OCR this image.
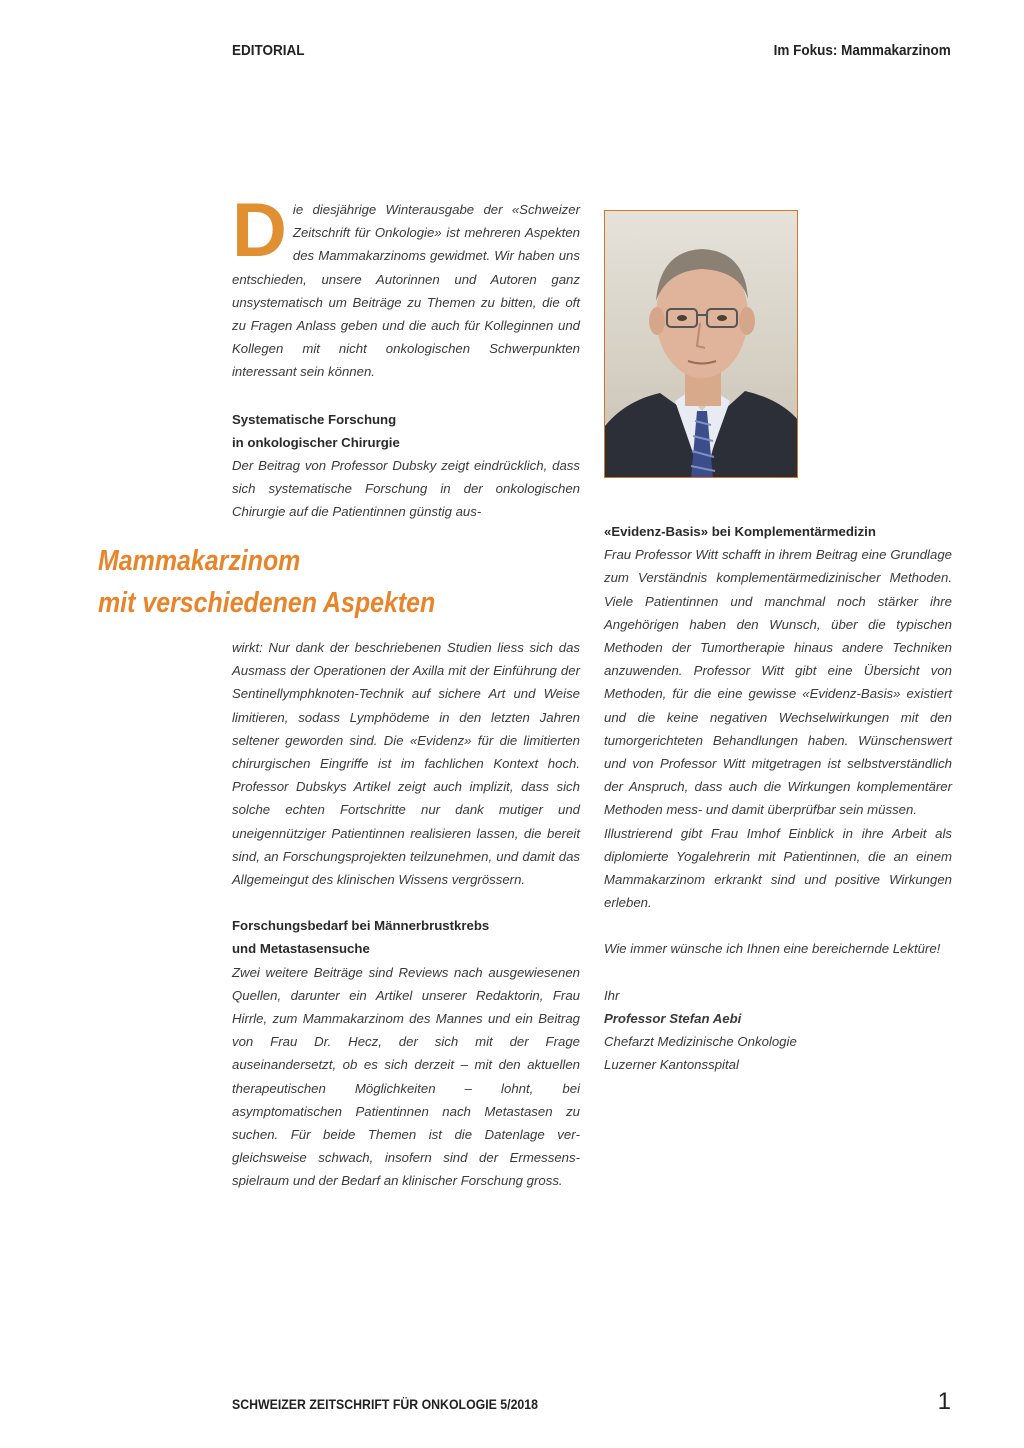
EDITORIAL	Im Fokus: Mammakarzinom

Die diesjährige Winterausgabe der «Schweizer Zeitschrift für Onkologie» ist mehreren Aspekten des Mammakarzinoms gewidmet. Wir haben uns entschieden, unsere Autorinnen und Autoren ganz unsystematisch um Beiträge zu Themen zu bitten, die oft zu Fragen Anlass geben und die auch für Kolleginnen und Kollegen mit nicht onkologischen Schwerpunkten interessant sein können.

Systematische Forschung
in onkologischer Chirurgie

Der Beitrag von Professor Dubsky zeigt eindrücklich, dass sich systematische Forschung in der onkologischen Chirurgie auf die Patientinnen günstig aus-

Mammakarzinom
mit verschiedenen Aspekten

wirkt: Nur dank der beschriebenen Studien liess sich das Ausmass der Operationen der Axilla mit der Einführung der Sentinellymphknoten-Technik auf sichere Art und Weise limitieren, sodass Lymphödeme in den letzten Jahren seltener geworden sind. Die «Evidenz» für die limitierten chirurgischen Eingriffe ist im fachlichen Kontext hoch. Professor Dubskys Artikel zeigt auch implizit, dass sich solche echten Fortschritte nur dank mutiger und uneigennütziger Patientinnen realisieren lassen, die bereit sind, an Forschungsprojekten teilzunehmen, und damit das Allgemeingut des klinischen Wissens vergrössern.

Forschungsbedarf bei Männerbrustkrebs
und Metastasensuche

Zwei weitere Beiträge sind Reviews nach ausgewiesenen Quellen, darunter ein Artikel unserer Redaktorin, Frau Hirrle, zum Mammakarzinom des Mannes und ein Beitrag von Frau Dr. Hecz, der sich mit der Frage auseinandersetzt, ob es sich derzeit – mit den aktuellen therapeutischen Möglichkeiten – lohnt, bei asymptomatischen Patientinnen nach Metastasen zu suchen. Für beide Themen ist die Datenlage vergleichsweise schwach, insofern sind der Ermessensspielraum und der Bedarf an klinischer Forschung gross.

«Evidenz-Basis» bei Komplementärmedizin

Frau Professor Witt schafft in ihrem Beitrag eine Grundlage zum Verständnis komplementärmedizinischer Methoden. Viele Patientinnen und manchmal noch stärker ihre Angehörigen haben den Wunsch, über die typischen Methoden der Tumortherapie hinaus andere Techniken anzuwenden. Professor Witt gibt eine Übersicht von Methoden, für die eine gewisse «Evidenz-Basis» existiert und die keine negativen Wechselwirkungen mit den tumorgerichteten Behandlungen haben. Wünschenswert und von Professor Witt mitgetragen ist selbstverständlich der Anspruch, dass auch die Wirkungen komplementärer Methoden mess- und damit überprüfbar sein müssen.

Illustrierend gibt Frau Imhof Einblick in ihre Arbeit als diplomierte Yogalehrerin mit Patientinnen, die an einem Mammakarzinom erkrankt sind und positive Wirkungen erleben.

Wie immer wünsche ich Ihnen eine bereichernde Lektüre!

Ihr

Professor Stefan Aebi

Chefarzt Medizinische Onkologie

Luzerner Kantonsspital

SCHWEIZER ZEITSCHRIFT FÜR ONKOLOGIE 5/2018	1
